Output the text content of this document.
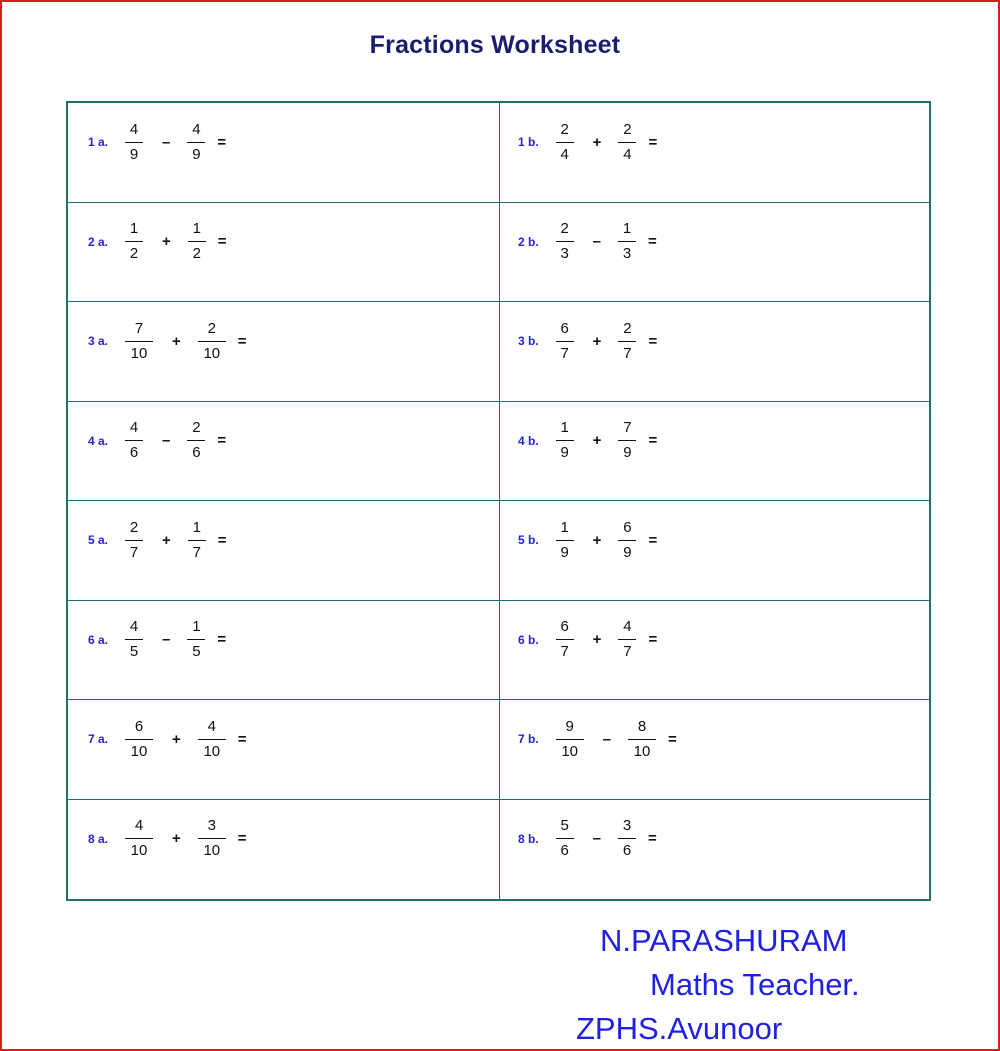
Fractions Worksheet
1 a. $\frac{4}{9} - \frac{4}{9}$ =	1 b. $\frac{2}{4} + \frac{2}{4}$ =
2 a. $\frac{1}{2} + \frac{1}{2}$ =	2 b. $\frac{2}{3} - \frac{1}{3}$ =
3 a. $\frac{7}{10} + \frac{2}{10}$ =	3 b. $\frac{6}{7} + \frac{2}{7}$ =
4 a. $\frac{4}{6} - \frac{2}{6}$ =	4 b. $\frac{1}{9} + \frac{7}{9}$ =
5 a. $\frac{2}{7} + \frac{1}{7}$ =	5 b. $\frac{1}{9} + \frac{6}{9}$ =
6 a. $\frac{4}{5} - \frac{1}{5}$ =	6 b. $\frac{6}{7} + \frac{4}{7}$ =
7 a. $\frac{6}{10} + \frac{4}{10}$ =	7 b. $\frac{9}{10} - \frac{8}{10}$ =
8 a. $\frac{4}{10} + \frac{3}{10}$ =	8 b. $\frac{5}{6} - \frac{3}{6}$ =
N.PARASHURAM
Maths Teacher.
ZPHS.Avunoor
